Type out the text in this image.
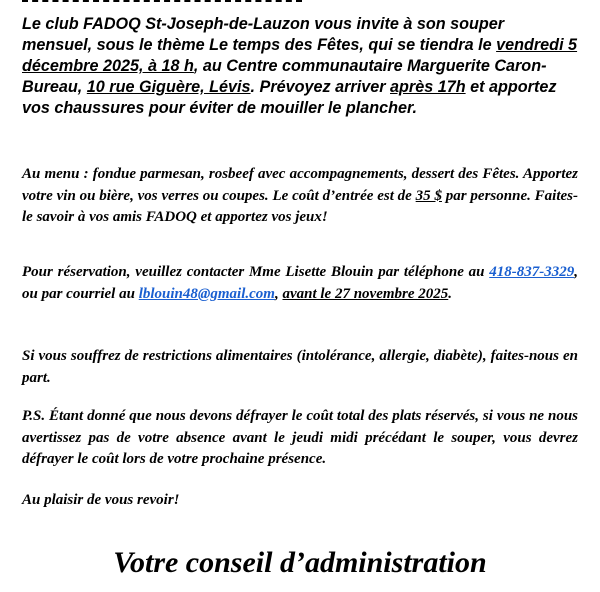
Le club FADOQ St-Joseph-de-Lauzon vous invite à son souper mensuel, sous le thème Le temps des Fêtes, qui se tiendra le vendredi 5 décembre 2025, à 18 h, au Centre communautaire Marguerite Caron-Bureau, 10 rue Giguère, Lévis. Prévoyez arriver après 17h et apportez vos chaussures pour éviter de mouiller le plancher.

Au menu : fondue parmesan, rosbeef avec accompagnements, dessert des Fêtes. Apportez votre vin ou bière, vos verres ou coupes. Le coût d’entrée est de 35 $ par personne. Faites-le savoir à vos amis FADOQ et apportez vos jeux!

Pour réservation, veuillez contacter Mme Lisette Blouin par téléphone au 418-837-3329, ou par courriel au lblouin48@gmail.com, avant le 27 novembre 2025.

Si vous souffrez de restrictions alimentaires (intolérance, allergie, diabète), faites-nous en part.

P.S. Étant donné que nous devons défrayer le coût total des plats réservés, si vous ne nous avertissez pas de votre absence avant le jeudi midi précédant le souper, vous devrez défrayer le coût lors de votre prochaine présence.

Au plaisir de vous revoir!

Votre conseil d’administration
